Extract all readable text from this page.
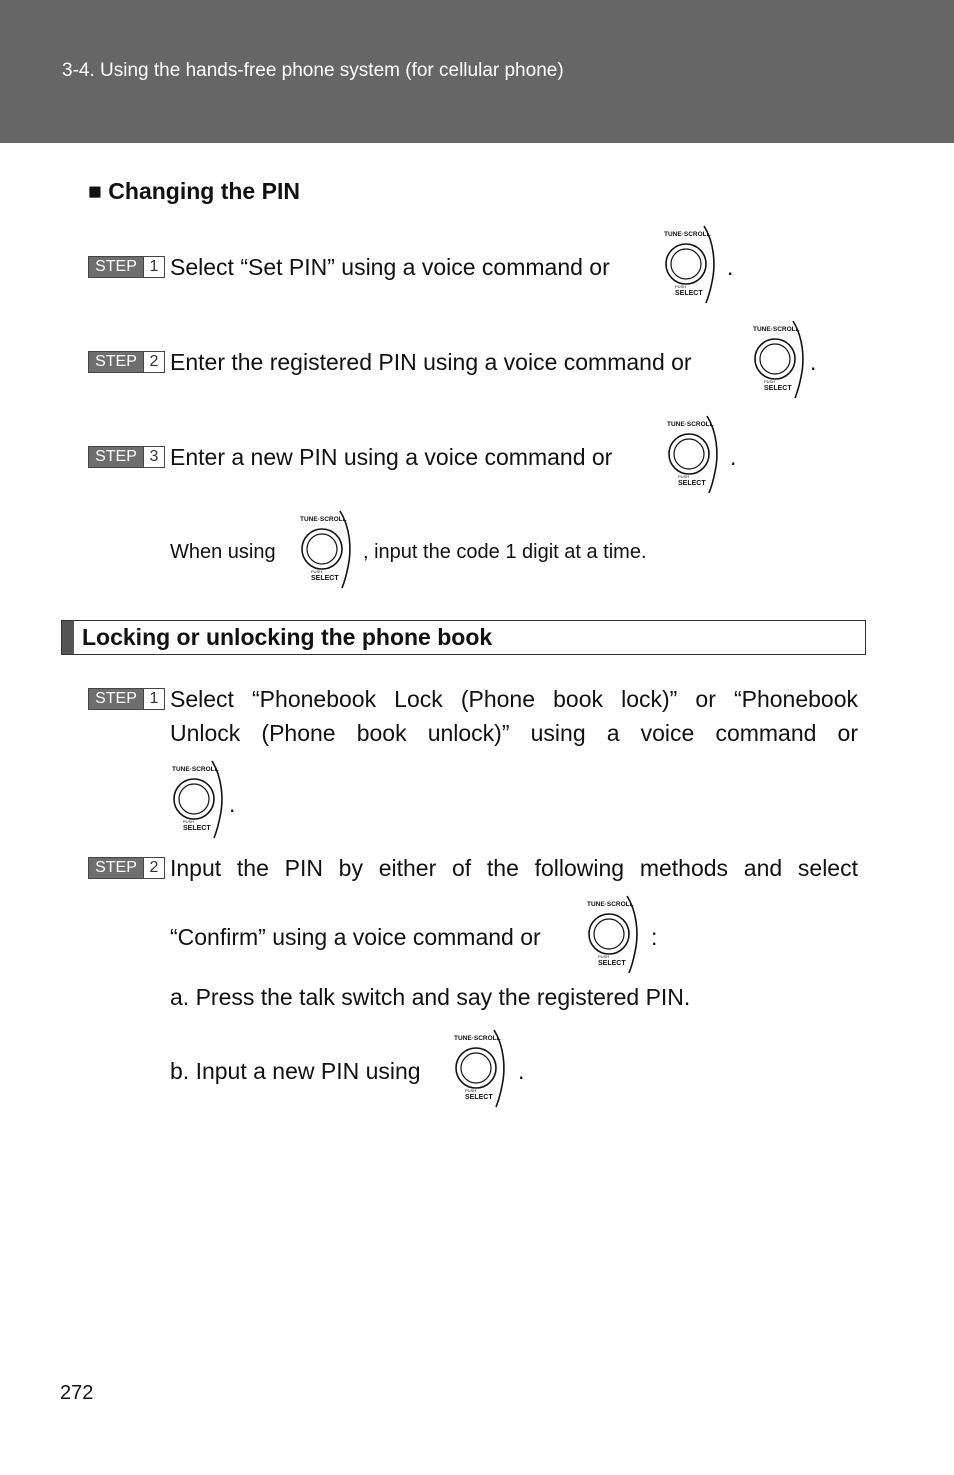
3-4. Using the hands-free phone system (for cellular phone)
■ Changing the PIN
STEP 1 Select “Set PIN” using a voice command or
TUNE·SCROLL
PUSH
SELECT
.
STEP 2 Enter the registered PIN using a voice command or
TUNE·SCROLL
PUSH
SELECT
.
STEP 3 Enter a new PIN using a voice command or
TUNE·SCROLL
PUSH
SELECT
.
When using
TUNE·SCROLL
PUSH
SELECT
, input the code 1 digit at a time.
Locking or unlocking the phone book
STEP 1 Select “Phonebook Lock (Phone book lock)” or “Phonebook
Unlock (Phone book unlock)” using a voice command or
TUNE·SCROLL
PUSH
SELECT
.
STEP 2 Input the PIN by either of the following methods and select
“Confirm” using a voice command or
TUNE·SCROLL
PUSH
SELECT
:
a. Press the talk switch and say the registered PIN.
b. Input a new PIN using
TUNE·SCROLL
PUSH
SELECT
.
272
